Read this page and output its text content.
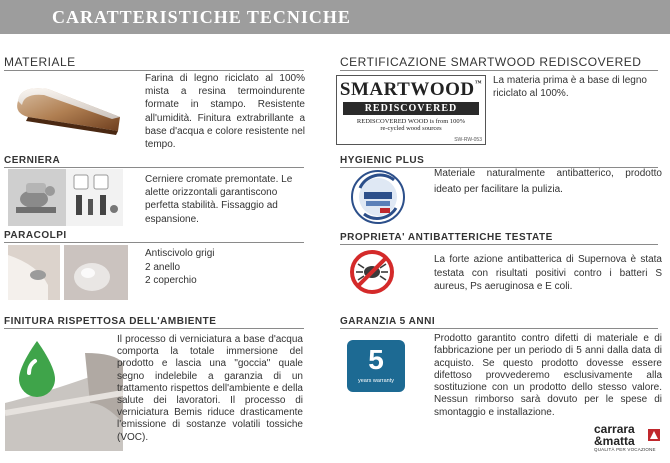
CARATTERISTICHE TECNICHE
MATERIALE
Farina di legno riciclato al 100% mista a resina termoindurente formate in stampo. Resistente all'umidità. Finitura extrabrillante a base d'acqua e colore resistente nel tempo.
CERNIERA
Cerniere cromate premontate. Le alette orizzontali garantiscono perfetta stabilità. Fissaggio ad espansione.
PARACOLPI
Antiscivolo grigi
2 anello
2 coperchio
FINITURA RISPETTOSA DELL'AMBIENTE
Il processo di verniciatura a base d'acqua comporta la totale immersione del prodotto e lascia una "goccia" quale segno indelebile a garanzia di un trattamento rispettos dell'ambiente e della salute dei lavoratori. Il processo di verniciatura Bemis riduce drasticamente l'emissione di sostanze volatili tossiche (VOC).
CERTIFICAZIONE SMARTWOOD REDISCOVERED
SMARTWOOD™
REDISCOVERED
REDISCOVERED WOOD is from 100%
re-cycled wood sources
SW-RW-053
La materia prima è a base di legno riciclato al 100%.
HYGIENIC PLUS
Materiale naturalmente antibatterico, prodotto ideato per facilitare la pulizia.
PROPRIETA' ANTIBATTERICHE TESTATE
La forte azione antibatterica di Supernova è stata testata con risultati positivi contro i batteri S aureus, Ps aeruginosa e E coli.
GARANZIA 5 ANNI
5
years warranty
Prodotto garantito contro difetti di materiale e di fabbricazione per un periodo di 5 anni dalla data di acquisto. Se questo prodotto dovesse essere difettoso provvederemo esclusivamente alla sostituzione con un prodotto dello stesso valore. Nessun rimborso sarà dovuto per le spese di smontaggio e installazione.
carrara
&matta
QUALITÀ PER VOCAZIONE
